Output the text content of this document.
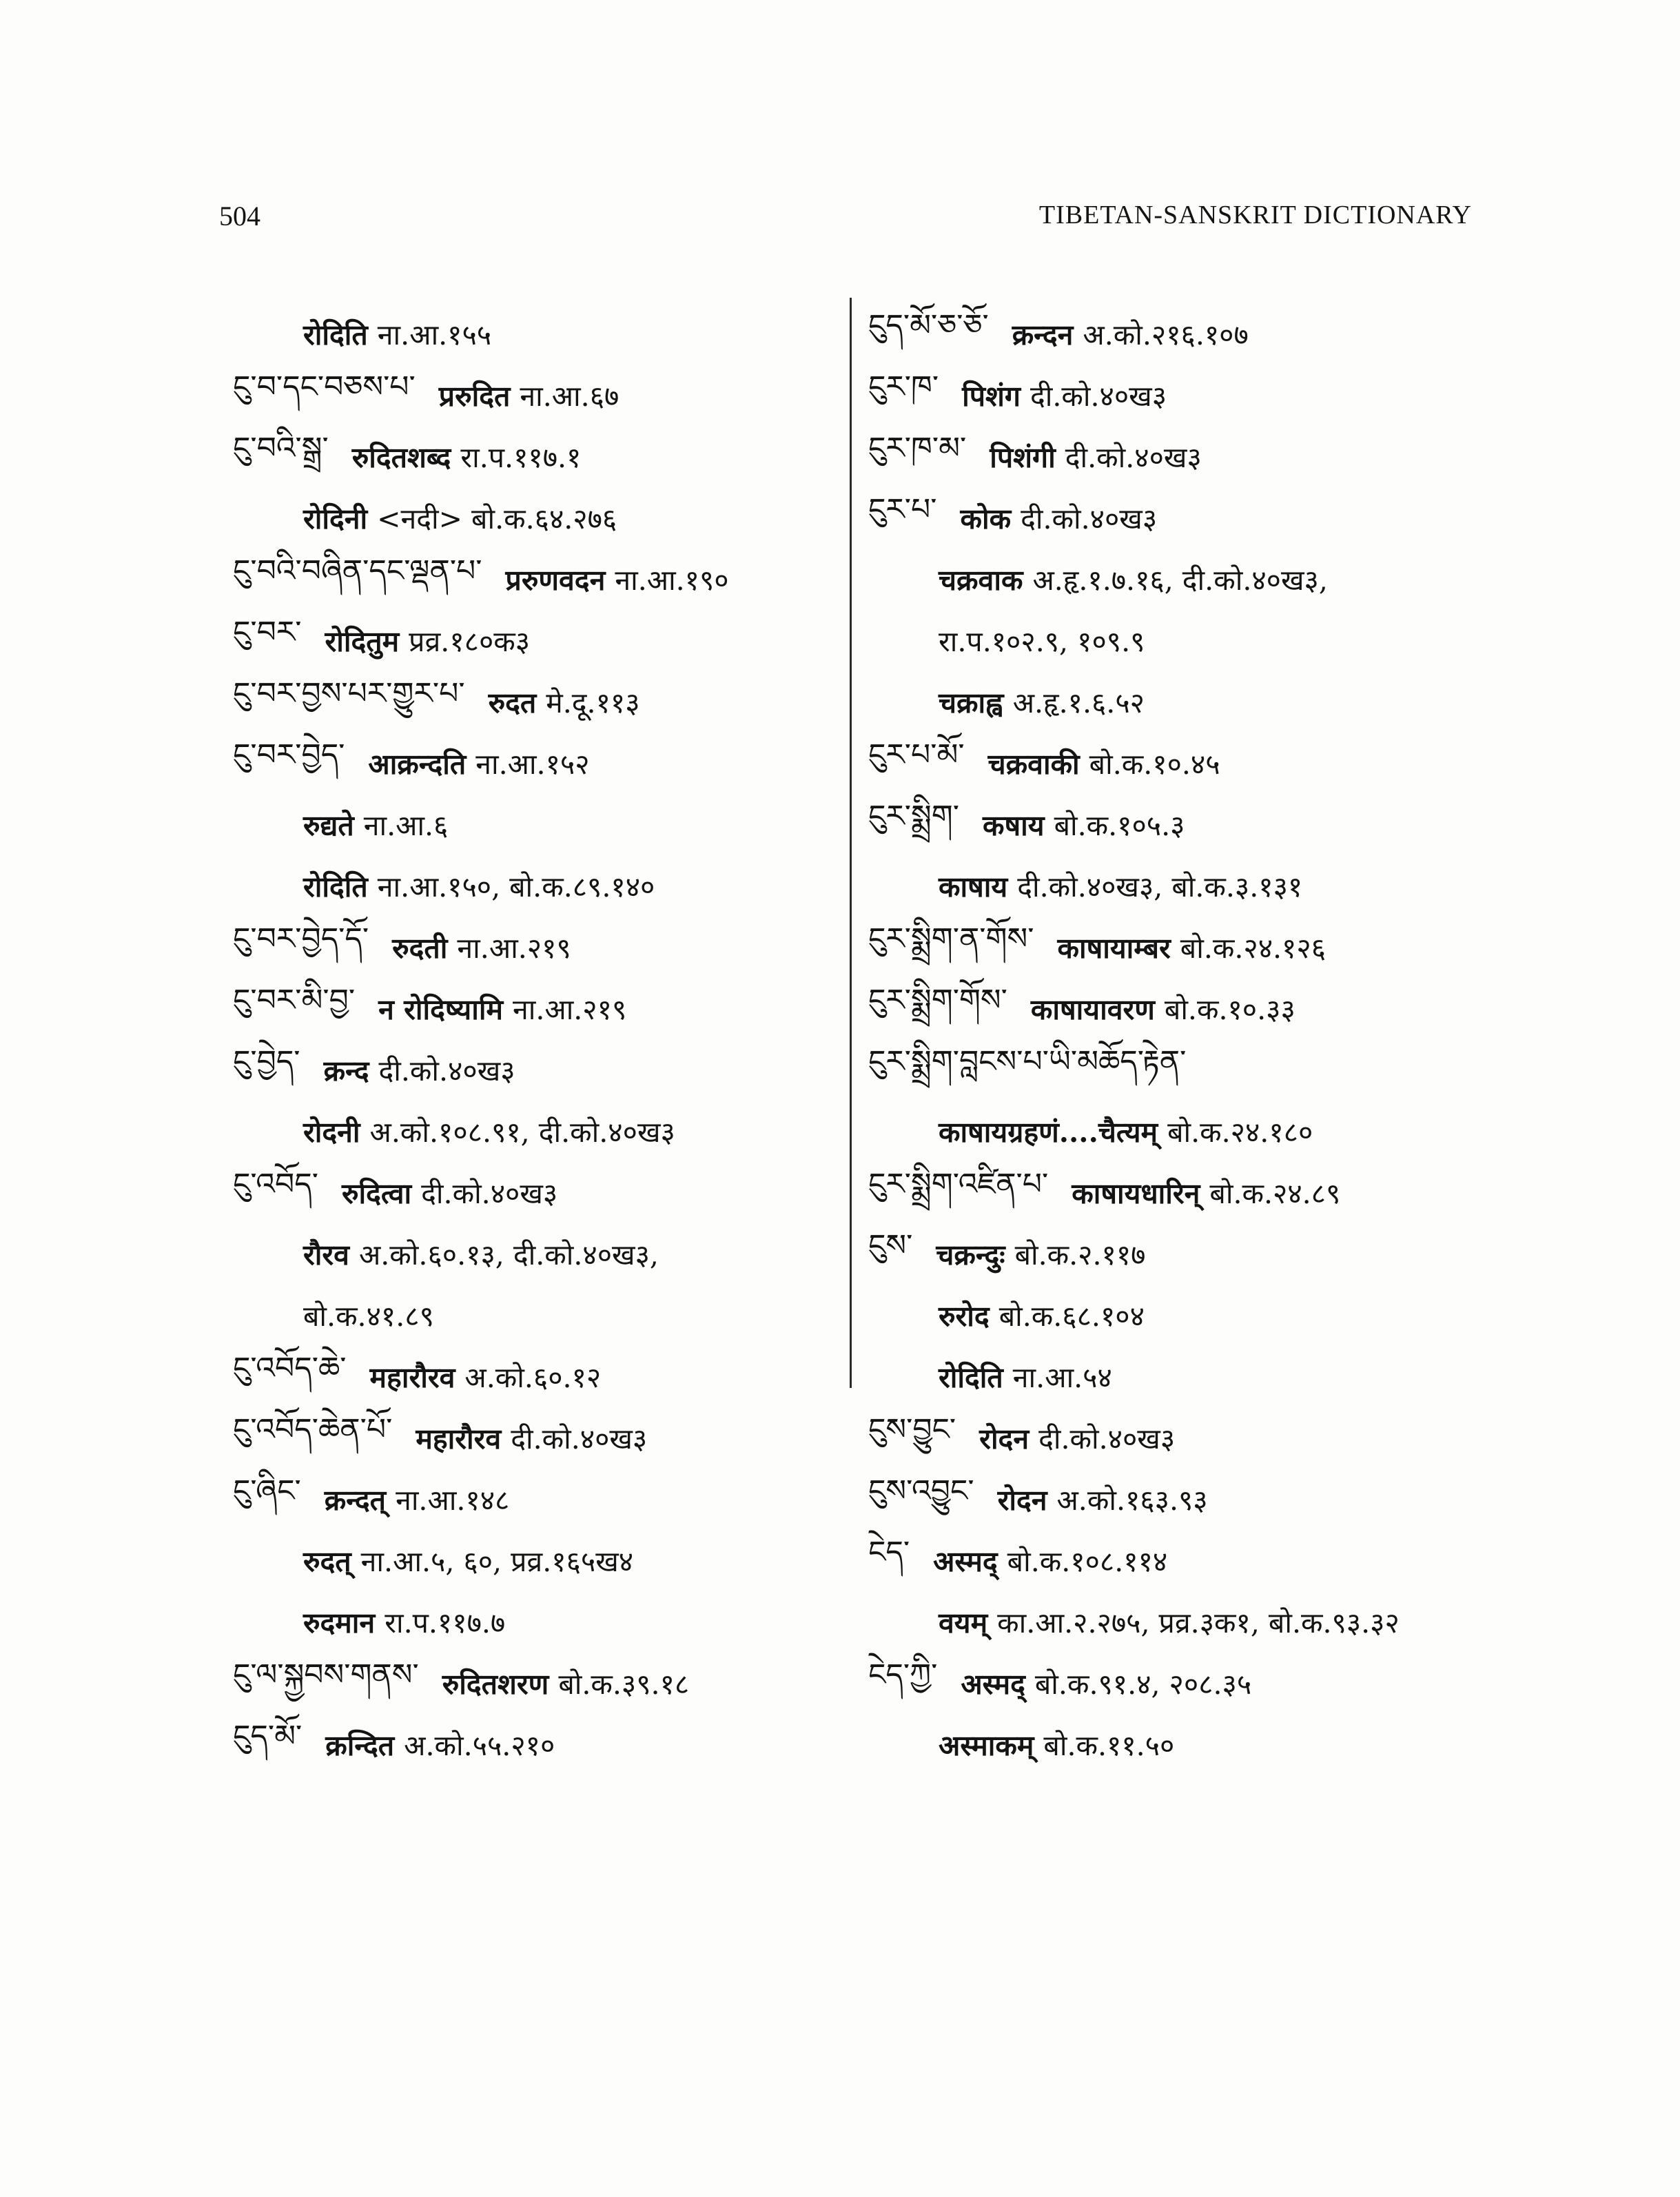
504	TIBETAN-SANSKRIT DICTIONARY
रोदिति ना.आ.१५५
ངུ་བ་དང་བཅས་པ་ प्ररुदित ना.आ.६७
ངུ་བའི་སྒྲ་ रुदितशब्द रा.प.११७.१
रोदिनी <नदी> बो.क.६४.२७६
ངུ་བའི་བཞིན་དང་ལྡན་པ་ प्ररुणवदन ना.आ.१९०
ངུ་བར་ रोदितुम प्रव्र.१८०क३
ངུ་བར་བྱས་པར་གྱུར་པ་ रुदत मे.दू.११३
ངུ་བར་བྱེད་ आक्रन्दति ना.आ.१५२
रुद्यते ना.आ.६
रोदिति ना.आ.१५०, बो.क.८९.१४०
ངུ་བར་བྱེད་དོ་ रुदती ना.आ.२१९
ངུ་བར་མི་བྱ་ न रोदिष्यामि ना.आ.२१९
ངུ་བྱེད་ क्रन्द दी.को.४०ख३
रोदनी अ.को.१०८.९१, दी.को.४०ख३
ངུ་འབོད་ रुदित्वा दी.को.४०ख३
रौरव अ.को.६०.१३, दी.को.४०ख३,
बो.क.४१.८९
ངུ་འབོད་ཆེ་ महारौरव अ.को.६०.१२
ངུ་འབོད་ཆེན་པོ་ महारौरव दी.को.४०ख३
ངུ་ཞིང་ क्रन्दत् ना.आ.१४८
रुदत् ना.आ.५, ६०, प्रव्र.१६५ख४
रुदमान रा.प.११७.७
ངུ་ལ་སྐྱབས་གནས་ रुदितशरण बो.क.३९.१८
ངུད་མོ་ क्रन्दित अ.को.५५.२१०
ངུད་མོ་ཅ་ཅོ་ क्रन्दन अ.को.२१६.१०७
ངུར་ཁ་ पिशंग दी.को.४०ख३
ངུར་ཁ་མ་ पिशंगी दी.को.४०ख३
ངུར་པ་ कोक दी.को.४०ख३
चक्रवाक अ.हृ.१.७.१६, दी.को.४०ख३,
रा.प.१०२.९, १०९.९
चक्राह्व अ.हृ.१.६.५२
ངུར་པ་མོ་ चक्रवाकी बो.क.१०.४५
ངུར་སྨྲིག་ कषाय बो.क.१०५.३
काषाय दी.को.४०ख३, बो.क.३.१३१
ངུར་སྨྲིག་ན་གོས་ काषायाम्बर बो.क.२४.१२६
ངུར་སྨྲིག་གོས་ काषायावरण बो.क.१०.३३
ངུར་སྨྲིག་བླངས་པ་ཡི་མཆོད་རྟེན་
काषायग्रहणं....चैत्यम् बो.क.२४.१८०
ངུར་སྨྲིག་འཛིན་པ་ काषायधारिन् बो.क.२४.८९
ངུས་ चक्रन्दुः बो.क.२.११७
रुरोद बो.क.६८.१०४
रोदिति ना.आ.५४
ངུས་བྱུང་ रोदन दी.को.४०ख३
ངུས་འབྱུང་ रोदन अ.को.१६३.९३
ངེད་ अस्मद् बो.क.१०८.११४
वयम् का.आ.२.२७५, प्रव्र.३क१, बो.क.९३.३२
ངེད་ཀྱི་ अस्मद् बो.क.९१.४, २०८.३५
अस्माकम् बो.क.११.५०
